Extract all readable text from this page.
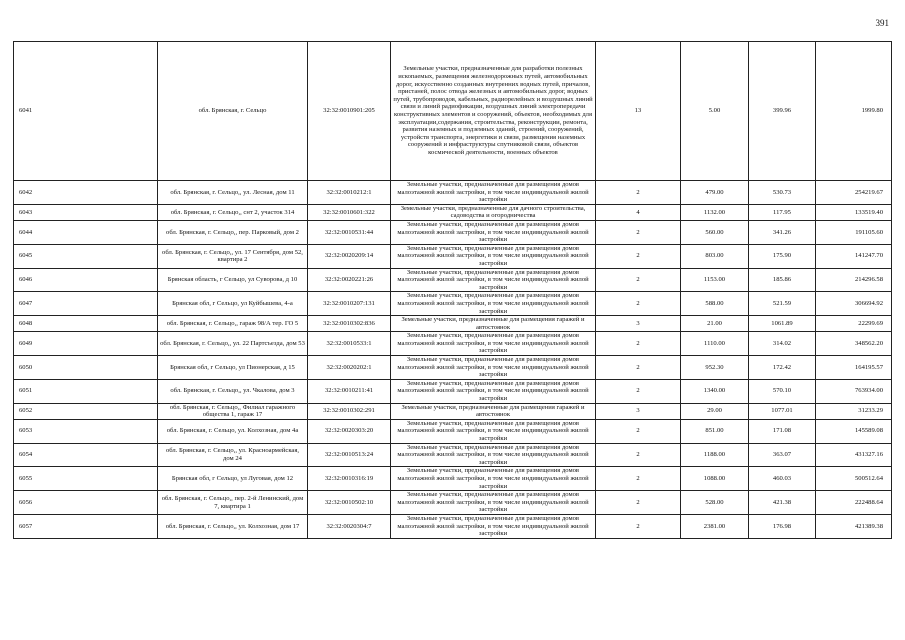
391
6041	обл. Брянская, г. Сельцо	32:32:0010901:205	Земельные участки, предназначенные для разработки полезных ископаемых, размещения железнодорожных путей, автомобильных дорог, искусственно созданных внутренних водных путей, причалов, пристаней, полос отвода железных и автомобильных дорог, водных путей, трубопроводов, кабельных, радиорелейных и воздушных линий связи и линий радиофикации, воздушных линий электропередачи конструктивных элементов и сооружений, объектов, необходимых для эксплуатации,содержания, строительства, реконструкции, ремонта, развития наземных и подземных зданий, строений, сооружений, устройств транспорта, энергетики и связи, размещения наземных сооружений и инфраструктуры спутниковой связи, объектов космической деятельности, военных объектов	13	5.00	399.96	1999.80
6042	обл. Брянская, г. Сельцо,, ул. Лесная, дом 11	32:32:0010212:1	Земельные участки, предназначенные для размещения домов малоэтажной жилой застройки, в том числе индивидуальной жилой застройки	2	479.00	530.73	254219.67
6043	обл. Брянская, г. Сельцо,, снт 2, участок 314	32:32:0010601:322	Земельные участки, предназначенные для дачного строительства, садоводства и огородничества	4	1132.00	117.95	133519.40
6044	обл. Брянская, г. Сельцо,, пер. Парковый, дом 2	32:32:0010531:44	Земельные участки, предназначенные для размещения домов малоэтажной жилой застройки, в том числе индивидуальной жилой застройки	2	560.00	341.26	191105.60
6045	обл. Брянская, г. Сельцо,, ул. 17 Сентября, дом 52, квартира 2	32:32:0020209:14	Земельные участки, предназначенные для размещения домов малоэтажной жилой застройки, в том числе индивидуальной жилой застройки	2	803.00	175.90	141247.70
6046	Брянская область, г Сельцо, ул Суворова, д 10	32:32:0020221:26	Земельные участки, предназначенные для размещения домов малоэтажной жилой застройки, в том числе индивидуальной жилой застройки	2	1153.00	185.86	214296.58
6047	Брянская обл, г Сельцо, ул Куйбышева, 4-а	32:32:0010207:131	Земельные участки, предназначенные для размещения домов малоэтажной жилой застройки, в том числе индивидуальной жилой застройки	2	588.00	521.59	306694.92
6048	обл. Брянская, г. Сельцо,, гараж 98/А тер. ГО 5	32:32:0010302:836	Земельные участки, предназначенные для размещения гаражей и автостоянок	3	21.00	1061.89	22299.69
6049	обл. Брянская, г. Сельцо,, ул. 22 Партсъезда, дом 53	32:32:0010533:1	Земельные участки, предназначенные для размещения домов малоэтажной жилой застройки, в том числе индивидуальной жилой застройки	2	1110.00	314.02	348562.20
6050	Брянская обл, г Сельцо, ул Пионерская, д 15	32:32:0020202:1	Земельные участки, предназначенные для размещения домов малоэтажной жилой застройки, в том числе индивидуальной жилой застройки	2	952.30	172.42	164195.57
6051	обл. Брянская, г. Сельцо,, ул. Чкалова, дом 3	32:32:0010211:41	Земельные участки, предназначенные для размещения домов малоэтажной жилой застройки, в том числе индивидуальной жилой застройки	2	1340.00	570.10	763934.00
6052	обл. Брянская, г. Сельцо,, Филиал гаражного общества 1, гараж 17	32:32:0010302:291	Земельные участки, предназначенные для размещения гаражей и автостоянок	3	29.00	1077.01	31233.29
6053	обл. Брянская, г. Сельцо, ул. Колхозная, дом 4а	32:32:0020303:20	Земельные участки, предназначенные для размещения домов малоэтажной жилой застройки, в том числе индивидуальной жилой застройки	2	851.00	171.08	145589.08
6054	обл. Брянская, г. Сельцо,, ул. Красноармейская, дом 24	32:32:0010513:24	Земельные участки, предназначенные для размещения домов малоэтажной жилой застройки, в том числе индивидуальной жилой застройки	2	1188.00	363.07	431327.16
6055	Брянская обл, г Сельцо, ул Луговая, дом 12	32:32:0010316:19	Земельные участки, предназначенные для размещения домов малоэтажной жилой застройки, в том числе индивидуальной жилой застройки	2	1088.00	460.03	500512.64
6056	обл. Брянская, г. Сельцо,, пер. 2-й Ленинский, дом 7, квартира 1	32:32:0010502:10	Земельные участки, предназначенные для размещения домов малоэтажной жилой застройки, в том числе индивидуальной жилой застройки	2	528.00	421.38	222488.64
6057	обл. Брянская, г. Сельцо,, ул. Колхозная, дом 17	32:32:0020304:7	Земельные участки, предназначенные для размещения домов малоэтажной жилой застройки, в том числе индивидуальной жилой застройки	2	2381.00	176.98	421389.38
